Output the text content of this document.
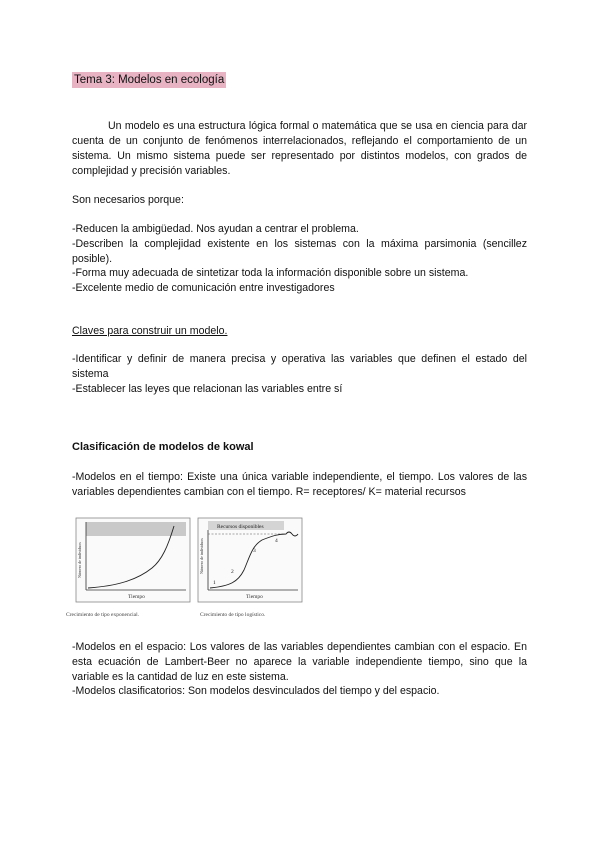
Tema 3: Modelos en ecología
Un modelo es una estructura lógica formal o matemática que se usa en ciencia para dar cuenta de un conjunto de fenómenos interrelacionados, reflejando el comportamiento de un sistema. Un mismo sistema puede ser representado por distintos modelos, con grados de complejidad y precisión variables.
Son necesarios porque:
-Reducen la ambigüedad. Nos ayudan a centrar el problema.
-Describen la complejidad existente en los sistemas con la máxima parsimonia (sencillez posible).
-Forma muy adecuada de sintetizar toda la información disponible sobre un sistema.
-Excelente medio de comunicación entre investigadores
Claves para construir un modelo.
-Identificar y definir de manera precisa y operativa las variables que definen el estado del sistema
-Establecer las leyes que relacionan las variables entre sí
Clasificación de modelos de kowal
-Modelos en el tiempo: Existe una única variable independiente, el tiempo. Los valores de las variables dependientes cambian con el tiempo. R= receptores/ K= material recursos
Número de individuos
Tiempo
Crecimiento de tipo exponencial.
Recursos disponibles
Número de individuos
Tiempo
1
2
3
4
Crecimiento de tipo logístico.
-Modelos en el espacio: Los valores de las variables dependientes cambian con el espacio. En esta ecuación de Lambert-Beer no aparece la variable independiente tiempo, sino que la variable es la cantidad de luz en este sistema.
-Modelos clasificatorios: Son modelos desvinculados del tiempo y del espacio.
